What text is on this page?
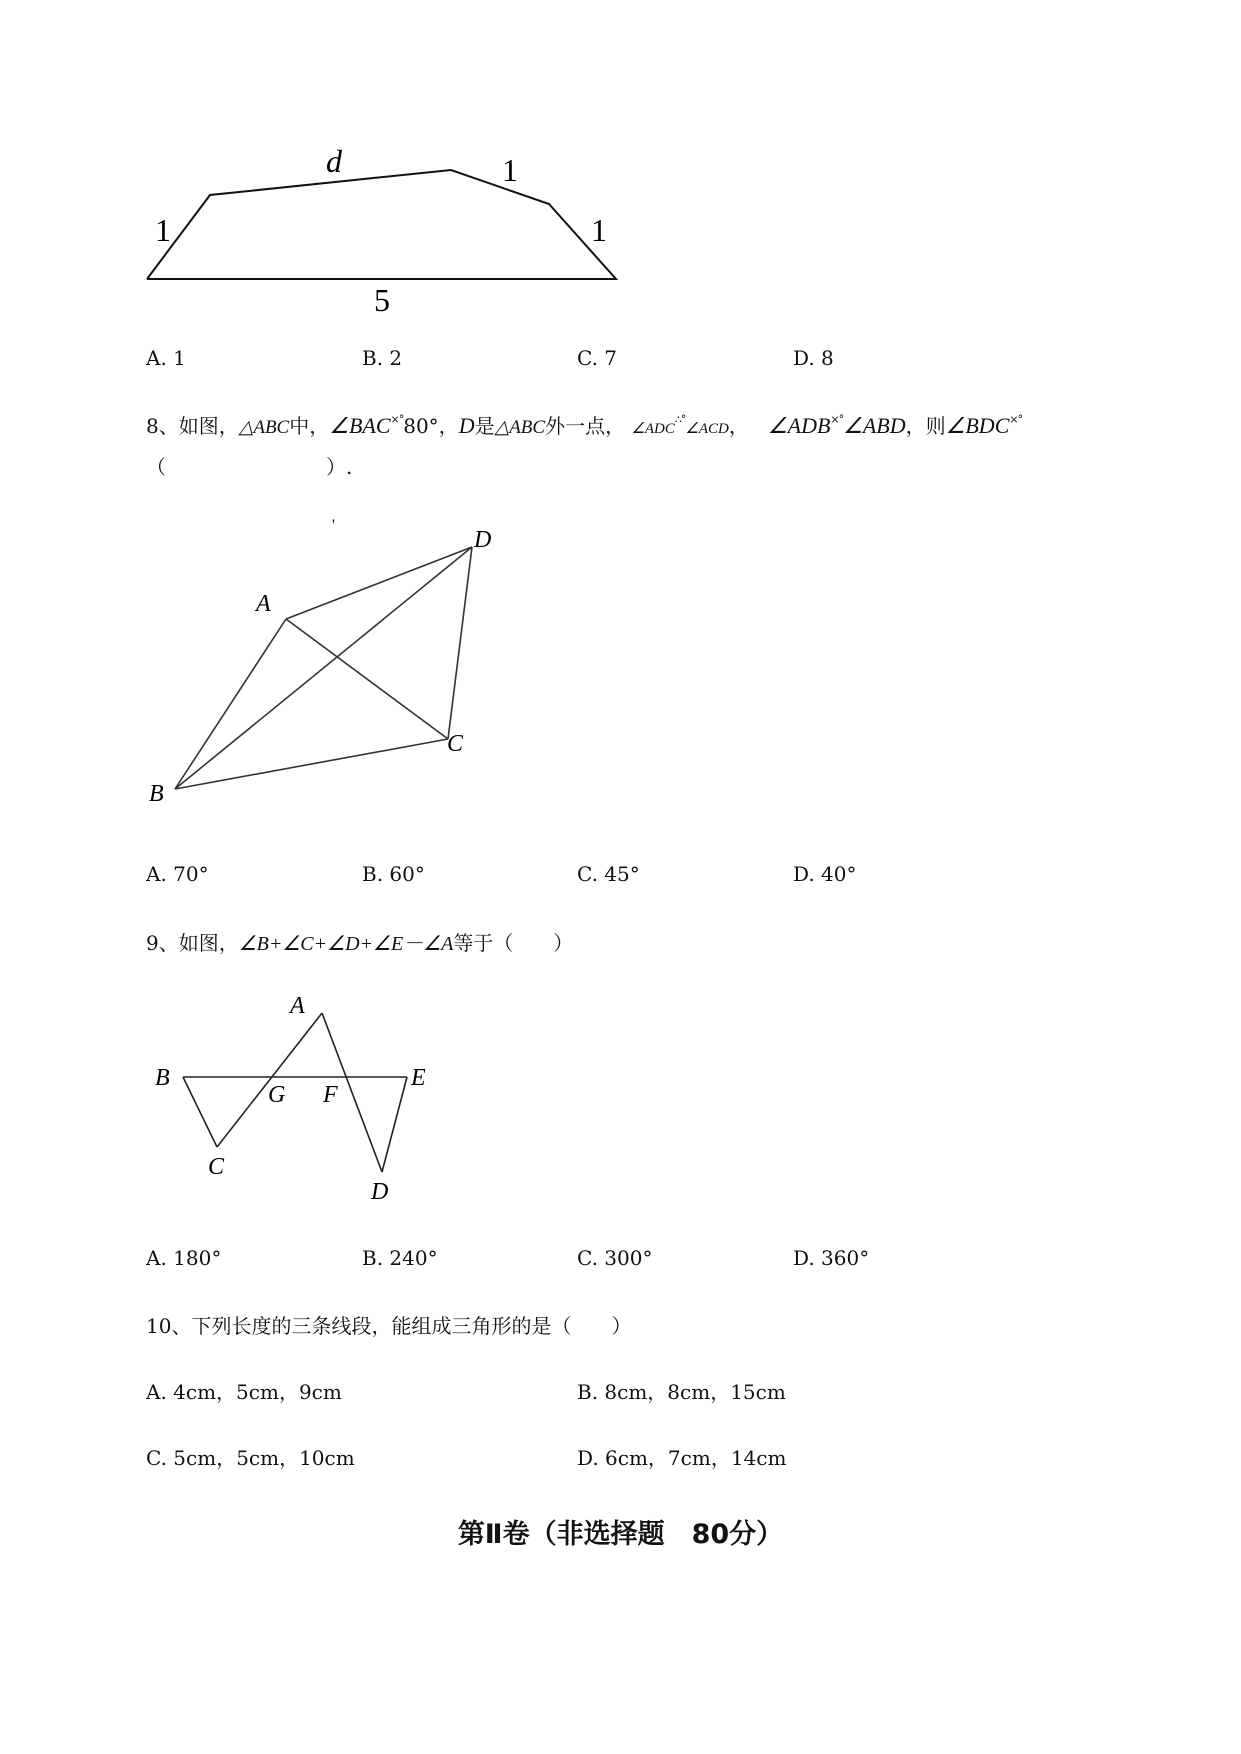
d	1
1	1
5
A. 1	B. 2	C. 7	D. 8
8、如图，△ABC中，∠BAC×°80°，D是△ABC外一点， ∠ADC∴°∠ACD， ∠ADB×°∠ABD，则∠BDC×°
（　　　　　　　　）.
'
A
B
C
D
A. 70°	B. 60°	C. 45°	D. 40°
9、如图，∠B+∠C+∠D+∠E－∠A等于（　　）
A
B
G F
E
C
D
A. 180°	B. 240°	C. 300°	D. 360°
10、下列长度的三条线段，能组成三角形的是（　　）
A. 4cm，5cm，9cm	B. 8cm，8cm，15cm
C. 5cm，5cm，10cm	D. 6cm，7cm，14cm
第Ⅱ卷（非选择题　80分）
